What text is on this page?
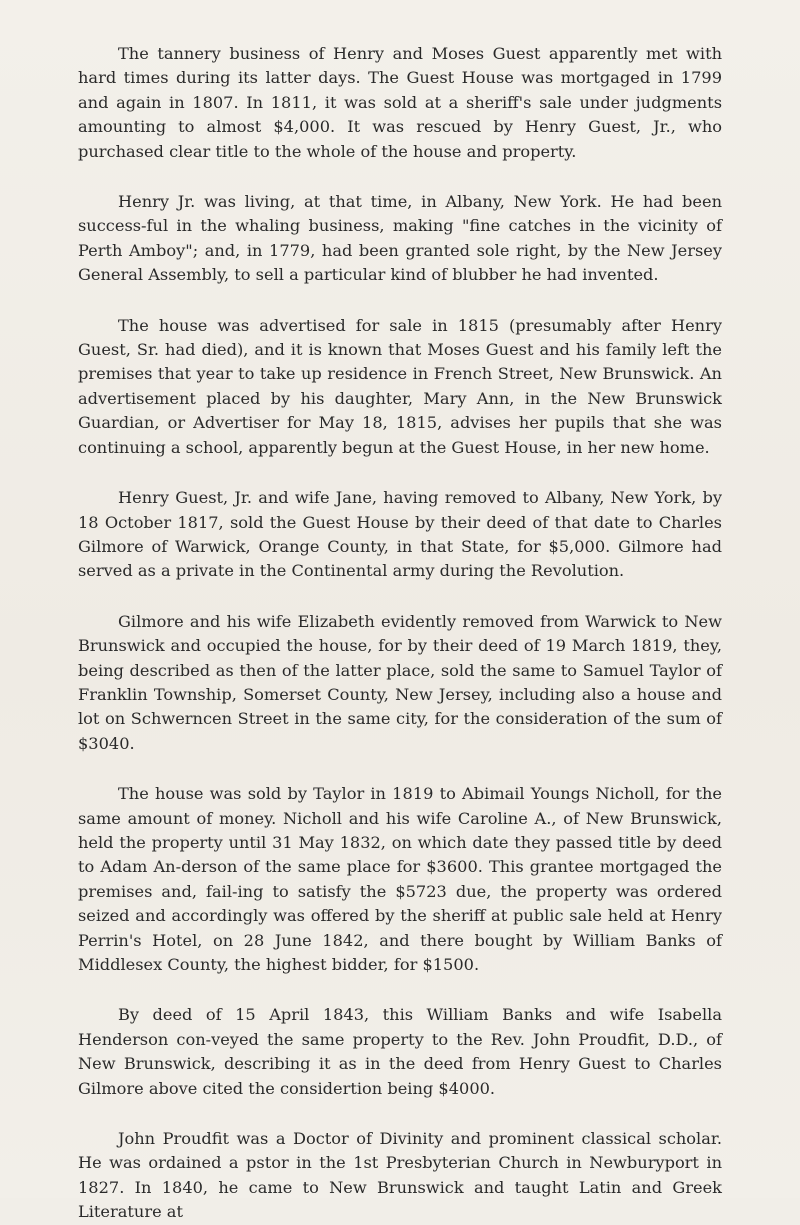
The tannery business of Henry and Moses Guest apparently met with hard times during its latter days. The Guest House was mortgaged in 1799 and again in 1807. In 1811, it was sold at a sheriff's sale under judgments amounting to almost $4,000. It was rescued by Henry Guest, Jr., who purchased clear title to the whole of the house and property.

Henry Jr. was living, at that time, in Albany, New York. He had been success-ful in the whaling business, making "fine catches in the vicinity of Perth Amboy"; and, in 1779, had been granted sole right, by the New Jersey General Assembly, to sell a particular kind of blubber he had invented.

The house was advertised for sale in 1815 (presumably after Henry Guest, Sr. had died), and it is known that Moses Guest and his family left the premises that year to take up residence in French Street, New Brunswick. An advertisement placed by his daughter, Mary Ann, in the New Brunswick Guardian, or Advertiser for May 18, 1815, advises her pupils that she was continuing a school, apparently begun at the Guest House, in her new home.

Henry Guest, Jr. and wife Jane, having removed to Albany, New York, by 18 October 1817, sold the Guest House by their deed of that date to Charles Gilmore of Warwick, Orange County, in that State, for $5,000. Gilmore had served as a private in the Continental army during the Revolution.

Gilmore and his wife Elizabeth evidently removed from Warwick to New Brunswick and occupied the house, for by their deed of 19 March 1819, they, being described as then of the latter place, sold the same to Samuel Taylor of Franklin Township, Somerset County, New Jersey, including also a house and lot on Schwerncen Street in the same city, for the consideration of the sum of $3040.

The house was sold by Taylor in 1819 to Abimail Youngs Nicholl, for the same amount of money. Nicholl and his wife Caroline A., of New Brunswick, held the property until 31 May 1832, on which date they passed title by deed to Adam An-derson of the same place for $3600. This grantee mortgaged the premises and, fail-ing to satisfy the $5723 due, the property was ordered seized and accordingly was offered by the sheriff at public sale held at Henry Perrin's Hotel, on 28 June 1842, and there bought by William Banks of Middlesex County, the highest bidder, for $1500.

By deed of 15 April 1843, this William Banks and wife Isabella Henderson con-veyed the same property to the Rev. John Proudfit, D.D., of New Brunswick, describing it as in the deed from Henry Guest to Charles Gilmore above cited the considertion being $4000.

John Proudfit was a Doctor of Divinity and prominent classical scholar. He was ordained a pstor in the 1st Presbyterian Church in Newburyport in 1827. In 1840, he came to New Brunswick and taught Latin and Greek Literature at
